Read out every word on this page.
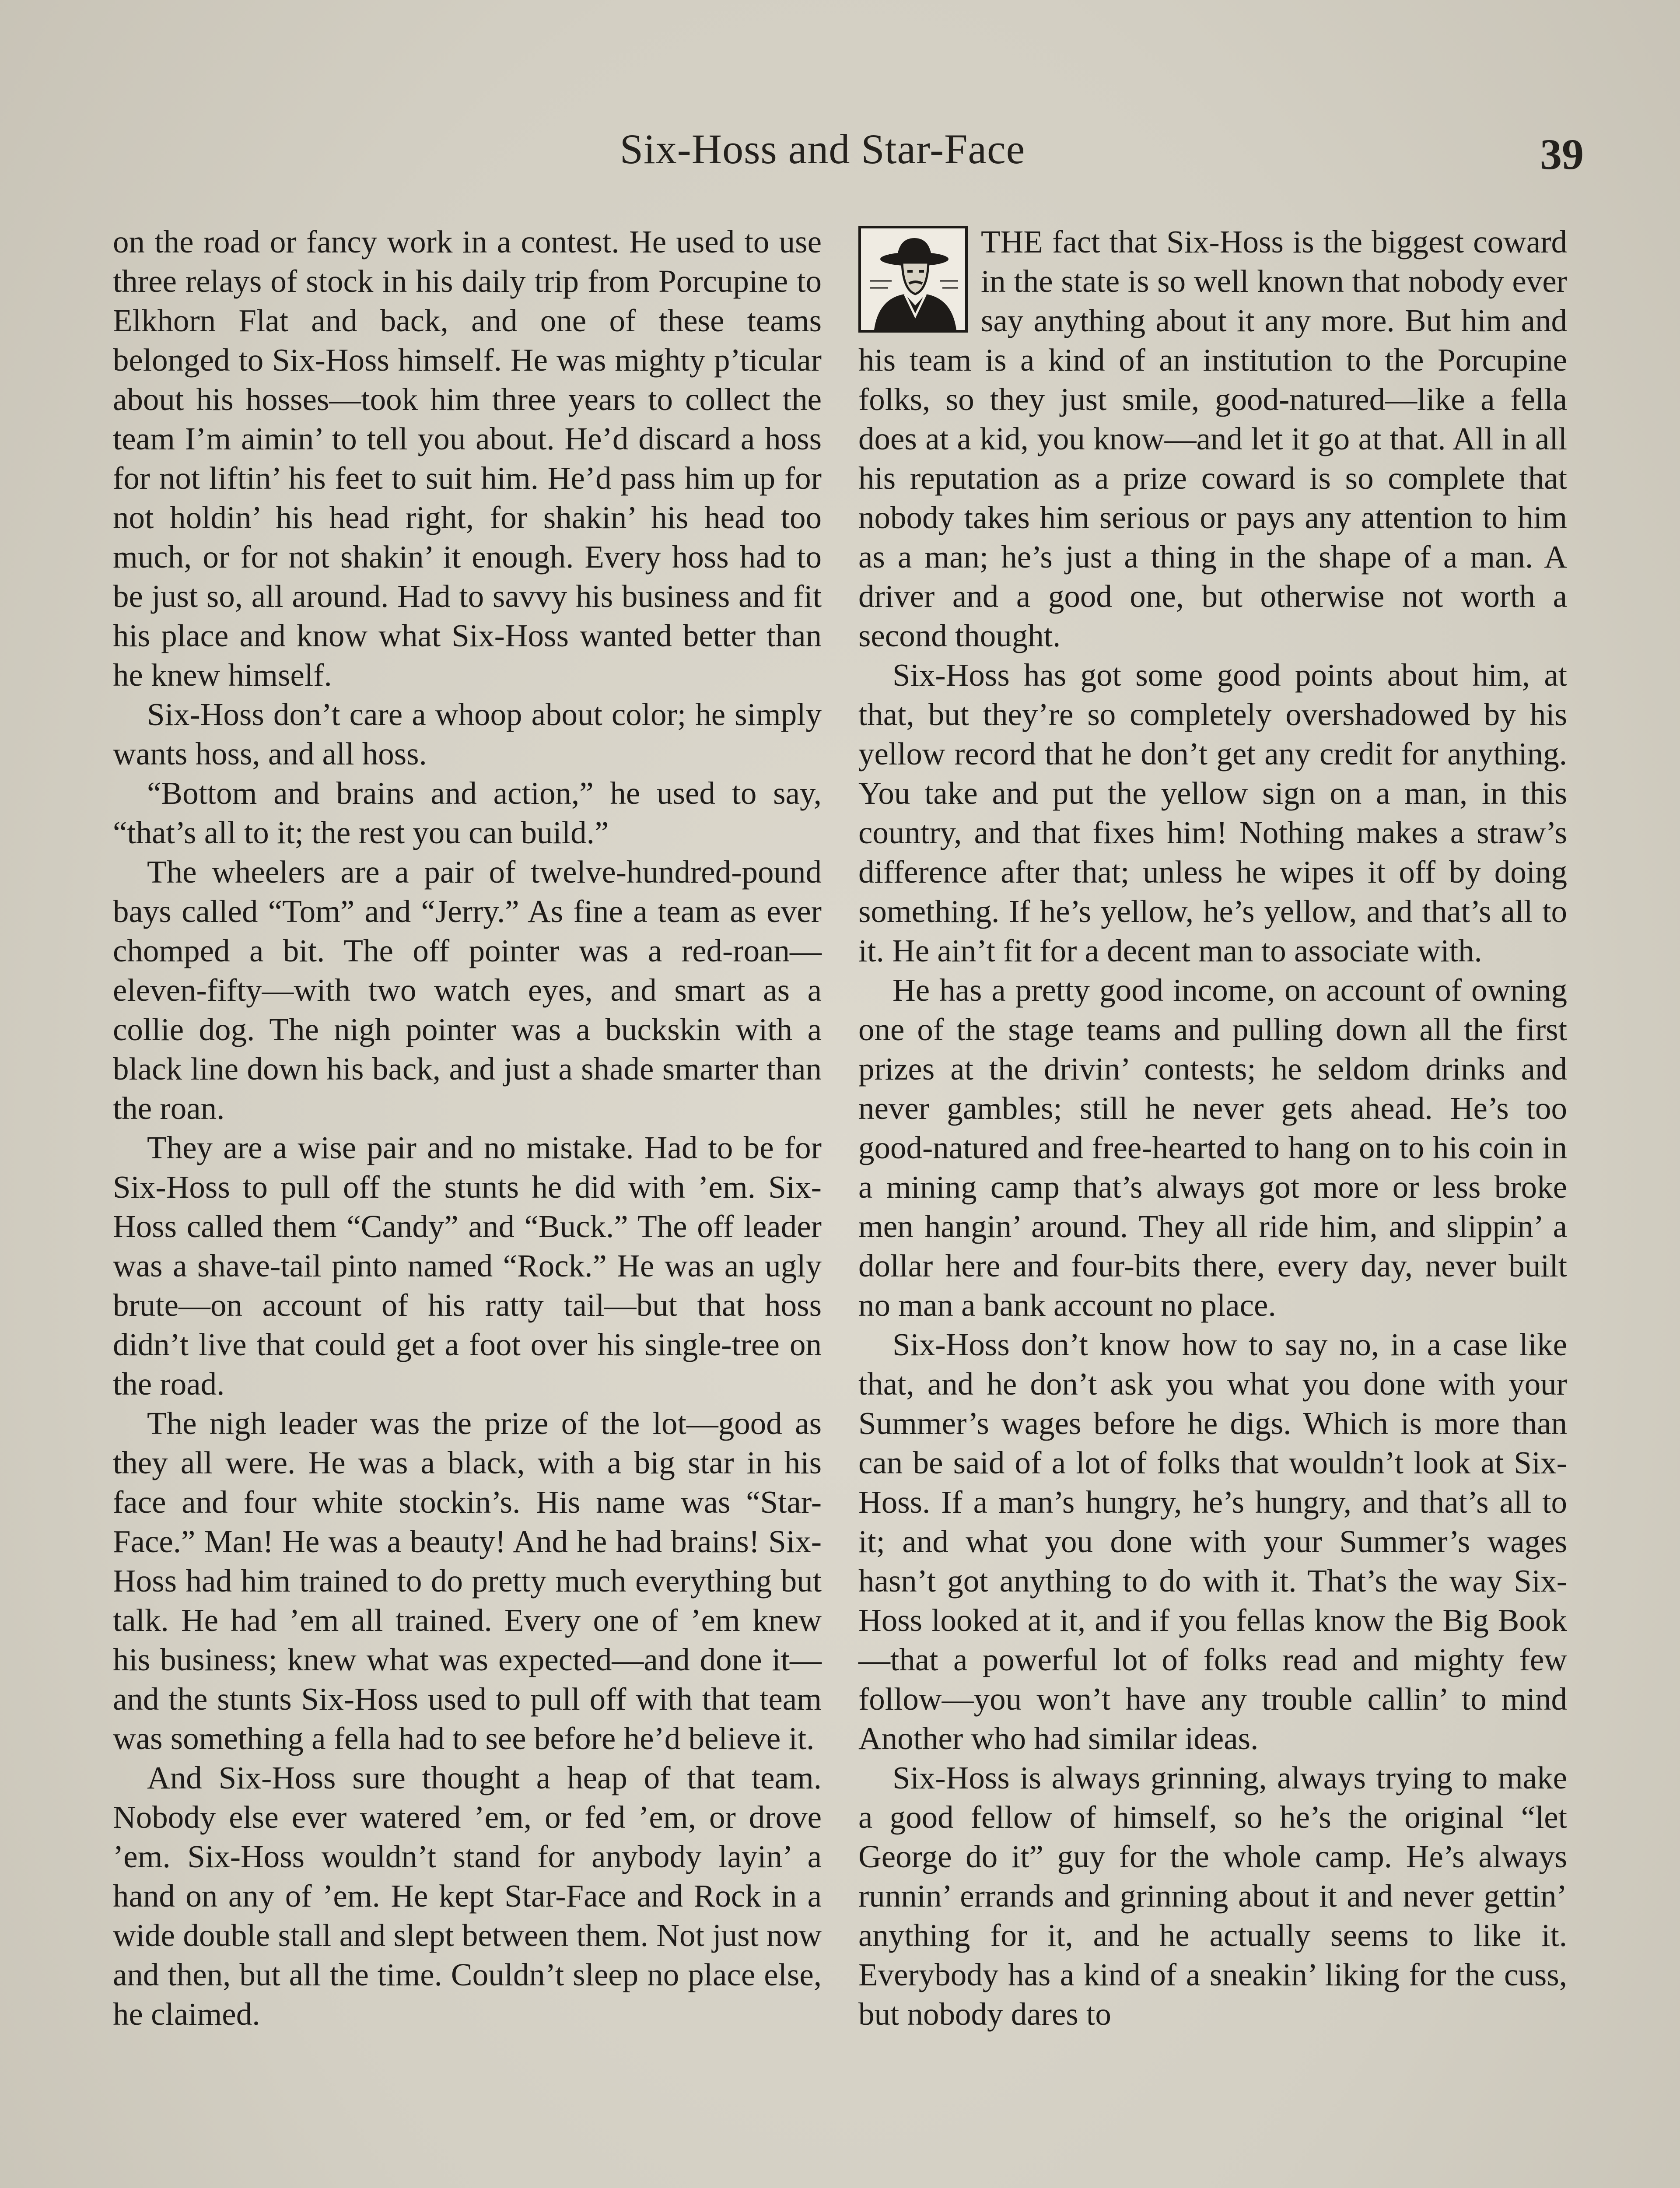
Six-Hoss and Star-Face	39

on the road or fancy work in a contest. He used to use three relays of stock in his daily trip from Porcupine to Elkhorn Flat and back, and one of these teams belonged to Six-Hoss himself. He was mighty p’ticular about his hosses—took him three years to collect the team I’m aimin’ to tell you about. He’d discard a hoss for not liftin’ his feet to suit him. He’d pass him up for not holdin’ his head right, for shakin’ his head too much, or for not shakin’ it enough. Every hoss had to be just so, all around. Had to savvy his business and fit his place and know what Six-Hoss wanted better than he knew himself.

Six-Hoss don’t care a whoop about color; he simply wants hoss, and all hoss.

“Bottom and brains and action,” he used to say, “that’s all to it; the rest you can build.”

The wheelers are a pair of twelve-hundred-pound bays called “Tom” and “Jerry.” As fine a team as ever chomped a bit. The off pointer was a red-roan—eleven-fifty—with two watch eyes, and smart as a collie dog. The nigh pointer was a buckskin with a black line down his back, and just a shade smarter than the roan.

They are a wise pair and no mistake. Had to be for Six-Hoss to pull off the stunts he did with ’em. Six-Hoss called them “Candy” and “Buck.” The off leader was a shave-tail pinto named “Rock.” He was an ugly brute—on account of his ratty tail—but that hoss didn’t live that could get a foot over his single-tree on the road.

The nigh leader was the prize of the lot—good as they all were. He was a black, with a big star in his face and four white stockin’s. His name was “Star-Face.” Man! He was a beauty! And he had brains! Six-Hoss had him trained to do pretty much everything but talk. He had ’em all trained. Every one of ’em knew his business; knew what was expected—and done it—and the stunts Six-Hoss used to pull off with that team was something a fella had to see before he’d believe it.

And Six-Hoss sure thought a heap of that team. Nobody else ever watered ’em, or fed ’em, or drove ’em. Six-Hoss wouldn’t stand for anybody layin’ a hand on any of ’em. He kept Star-Face and Rock in a wide double stall and slept between them. Not just now and then, but all the time. Couldn’t sleep no place else, he claimed.

THE fact that Six-Hoss is the biggest coward in the state is so well known that nobody ever say anything about it any more. But him and his team is a kind of an institution to the Porcupine folks, so they just smile, good-natured—like a fella does at a kid, you know—and let it go at that. All in all his reputation as a prize coward is so complete that nobody takes him serious or pays any attention to him as a man; he’s just a thing in the shape of a man. A driver and a good one, but otherwise not worth a second thought.

Six-Hoss has got some good points about him, at that, but they’re so completely overshadowed by his yellow record that he don’t get any credit for anything. You take and put the yellow sign on a man, in this country, and that fixes him! Nothing makes a straw’s difference after that; unless he wipes it off by doing something. If he’s yellow, he’s yellow, and that’s all to it. He ain’t fit for a decent man to associate with.

He has a pretty good income, on account of owning one of the stage teams and pulling down all the first prizes at the drivin’ contests; he seldom drinks and never gambles; still he never gets ahead. He’s too good-natured and free-hearted to hang on to his coin in a mining camp that’s always got more or less broke men hangin’ around. They all ride him, and slippin’ a dollar here and four-bits there, every day, never built no man a bank account no place.

Six-Hoss don’t know how to say no, in a case like that, and he don’t ask you what you done with your Summer’s wages before he digs. Which is more than can be said of a lot of folks that wouldn’t look at Six-Hoss. If a man’s hungry, he’s hungry, and that’s all to it; and what you done with your Summer’s wages hasn’t got anything to do with it. That’s the way Six-Hoss looked at it, and if you fellas know the Big Book—that a powerful lot of folks read and mighty few follow—you won’t have any trouble callin’ to mind Another who had similar ideas.

Six-Hoss is always grinning, always trying to make a good fellow of himself, so he’s the original “let George do it” guy for the whole camp. He’s always runnin’ errands and grinning about it and never gettin’ anything for it, and he actually seems to like it. Everybody has a kind of a sneakin’ liking for the cuss, but nobody dares to
